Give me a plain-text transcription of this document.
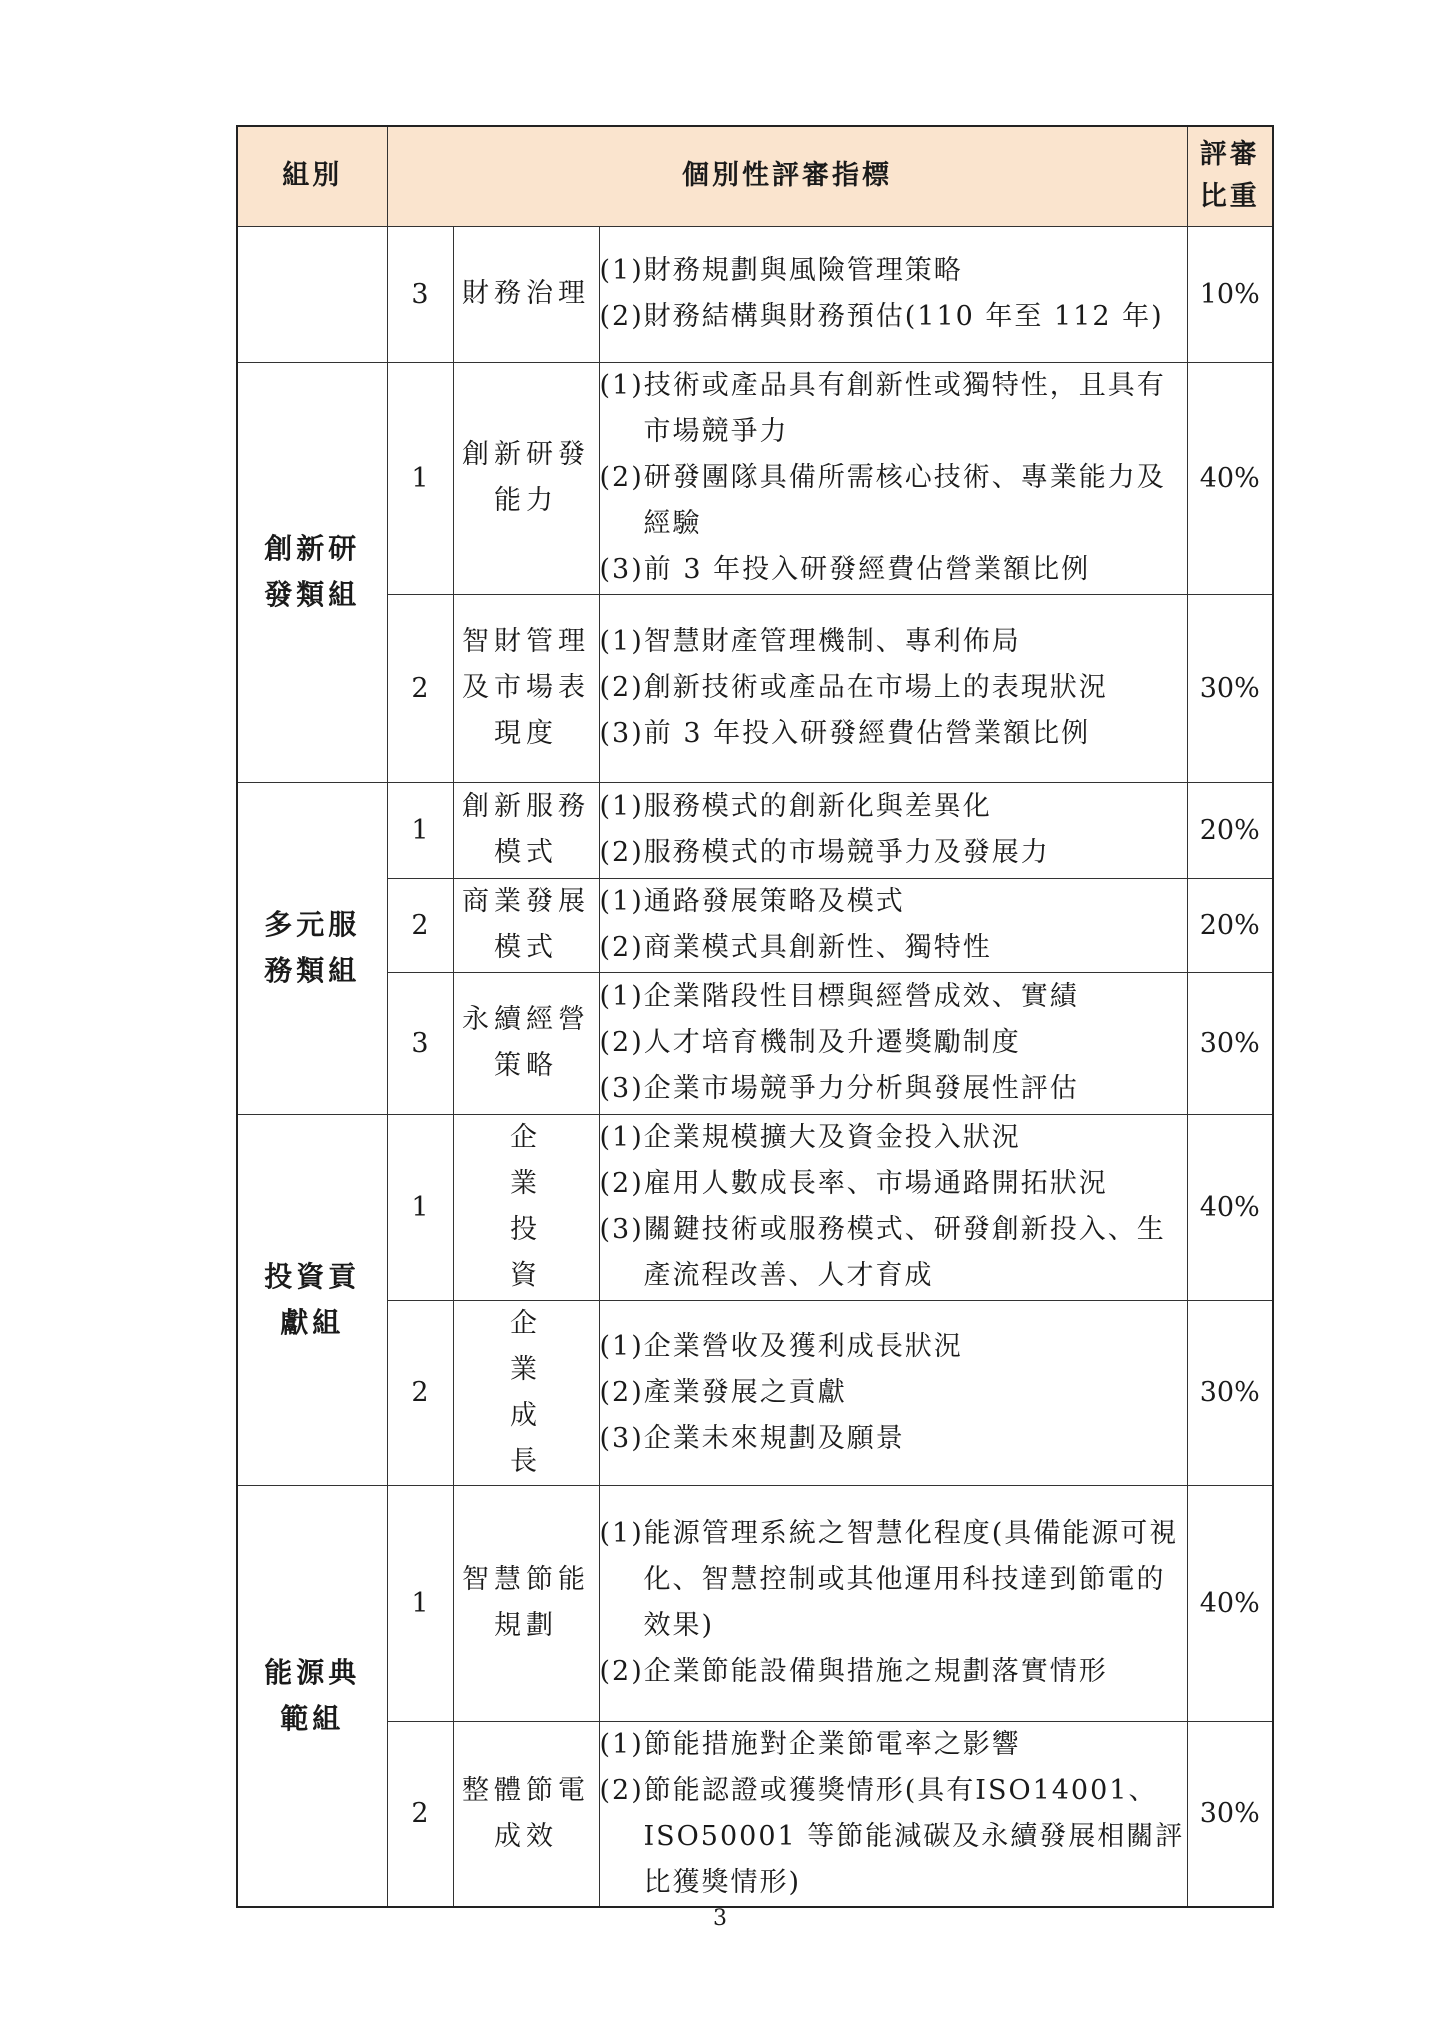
組別	個別性評審指標			評審比重
	3	財務治理	(1)財務規劃與風險管理策略
(2)財務結構與財務預估(110 年至 112 年)	10%
創新研發類組	1	創新研發能力	(1)技術或產品具有創新性或獨特性，且具有市場競爭力
(2)研發團隊具備所需核心技術、專業能力及經驗
(3)前 3 年投入研發經費佔營業額比例	40%
	2	智財管理及市場表現度	(1)智慧財產管理機制、專利佈局
(2)創新技術或產品在市場上的表現狀況
(3)前 3 年投入研發經費佔營業額比例	30%
多元服務類組	1	創新服務模式	(1)服務模式的創新化與差異化
(2)服務模式的市場競爭力及發展力	20%
	2	商業發展模式	(1)通路發展策略及模式
(2)商業模式具創新性、獨特性	20%
	3	永續經營策略	(1)企業階段性目標與經營成效、實績
(2)人才培育機制及升遷獎勵制度
(3)企業市場競爭力分析與發展性評估	30%
投資貢獻組	1	企業投資	(1)企業規模擴大及資金投入狀況
(2)雇用人數成長率、市場通路開拓狀況
(3)關鍵技術或服務模式、研發創新投入、生產流程改善、人才育成	40%
	2	企業成長	(1)企業營收及獲利成長狀況
(2)產業發展之貢獻
(3)企業未來規劃及願景	30%
能源典範組	1	智慧節能規劃	(1)能源管理系統之智慧化程度(具備能源可視化、智慧控制或其他運用科技達到節電的效果)
(2)企業節能設備與措施之規劃落實情形	40%
	2	整體節電成效	(1)節能措施對企業節電率之影響
(2)節能認證或獲獎情形(具有ISO14001、ISO50001 等節能減碳及永續發展相關評比獲獎情形)	30%
3
